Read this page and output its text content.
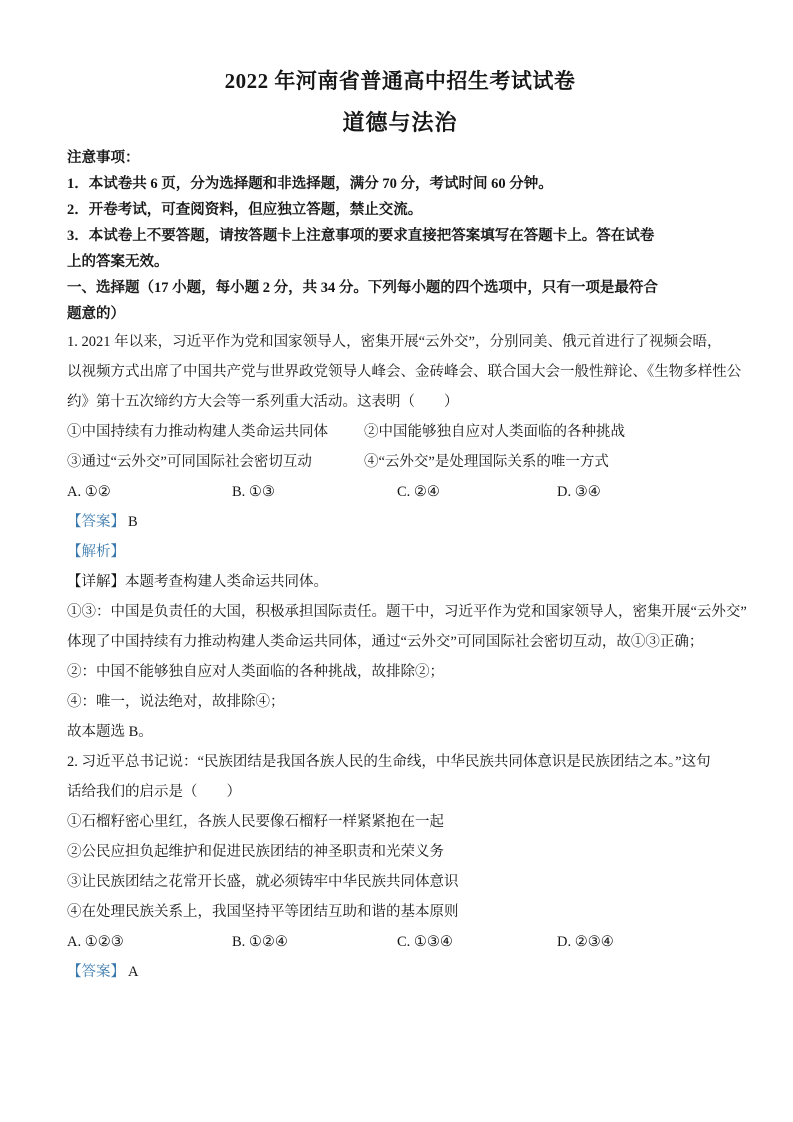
2022 年河南省普通高中招生考试试卷
道德与法治
注意事项：
1．本试卷共 6 页，分为选择题和非选择题，满分 70 分，考试时间 60 分钟。
2．开卷考试，可查阅资料，但应独立答题，禁止交流。
3．本试卷上不要答题，请按答题卡上注意事项的要求直接把答案填写在答题卡上。答在试卷
上的答案无效。
一、选择题（17 小题，每小题 2 分，共 34 分。下列每小题的四个选项中，只有一项是最符合
题意的）
1. 2021 年以来，习近平作为党和国家领导人，密集开展“云外交”，分别同美、俄元首进行了视频会晤，
以视频方式出席了中国共产党与世界政党领导人峰会、金砖峰会、联合国大会一般性辩论、《生物多样性公
约》第十五次缔约方大会等一系列重大活动。这表明（　　）
①中国持续有力推动构建人类命运共同体	②中国能够独自应对人类面临的各种挑战
③通过“云外交”可同国际社会密切互动	④“云外交”是处理国际关系的唯一方式
A. ①②	B. ①③	C. ②④	D. ③④
【答案】 B
【解析】
【详解】本题考查构建人类命运共同体。
①③：中国是负责任的大国，积极承担国际责任。题干中，习近平作为党和国家领导人，密集开展“云外交”
体现了中国持续有力推动构建人类命运共同体，通过“云外交”可同国际社会密切互动，故①③正确；
②：中国不能够独自应对人类面临的各种挑战，故排除②；
④：唯一，说法绝对，故排除④；
故本题选 B。
2. 习近平总书记说：“民族团结是我国各族人民的生命线，中华民族共同体意识是民族团结之本。”这句
话给我们的启示是（　　）
①石榴籽密心里红，各族人民要像石榴籽一样紧紧抱在一起
②公民应担负起维护和促进民族团结的神圣职责和光荣义务
③让民族团结之花常开长盛，就必须铸牢中华民族共同体意识
④在处理民族关系上，我国坚持平等团结互助和谐的基本原则
A. ①②③	B. ①②④	C. ①③④	D. ②③④
【答案】 A
